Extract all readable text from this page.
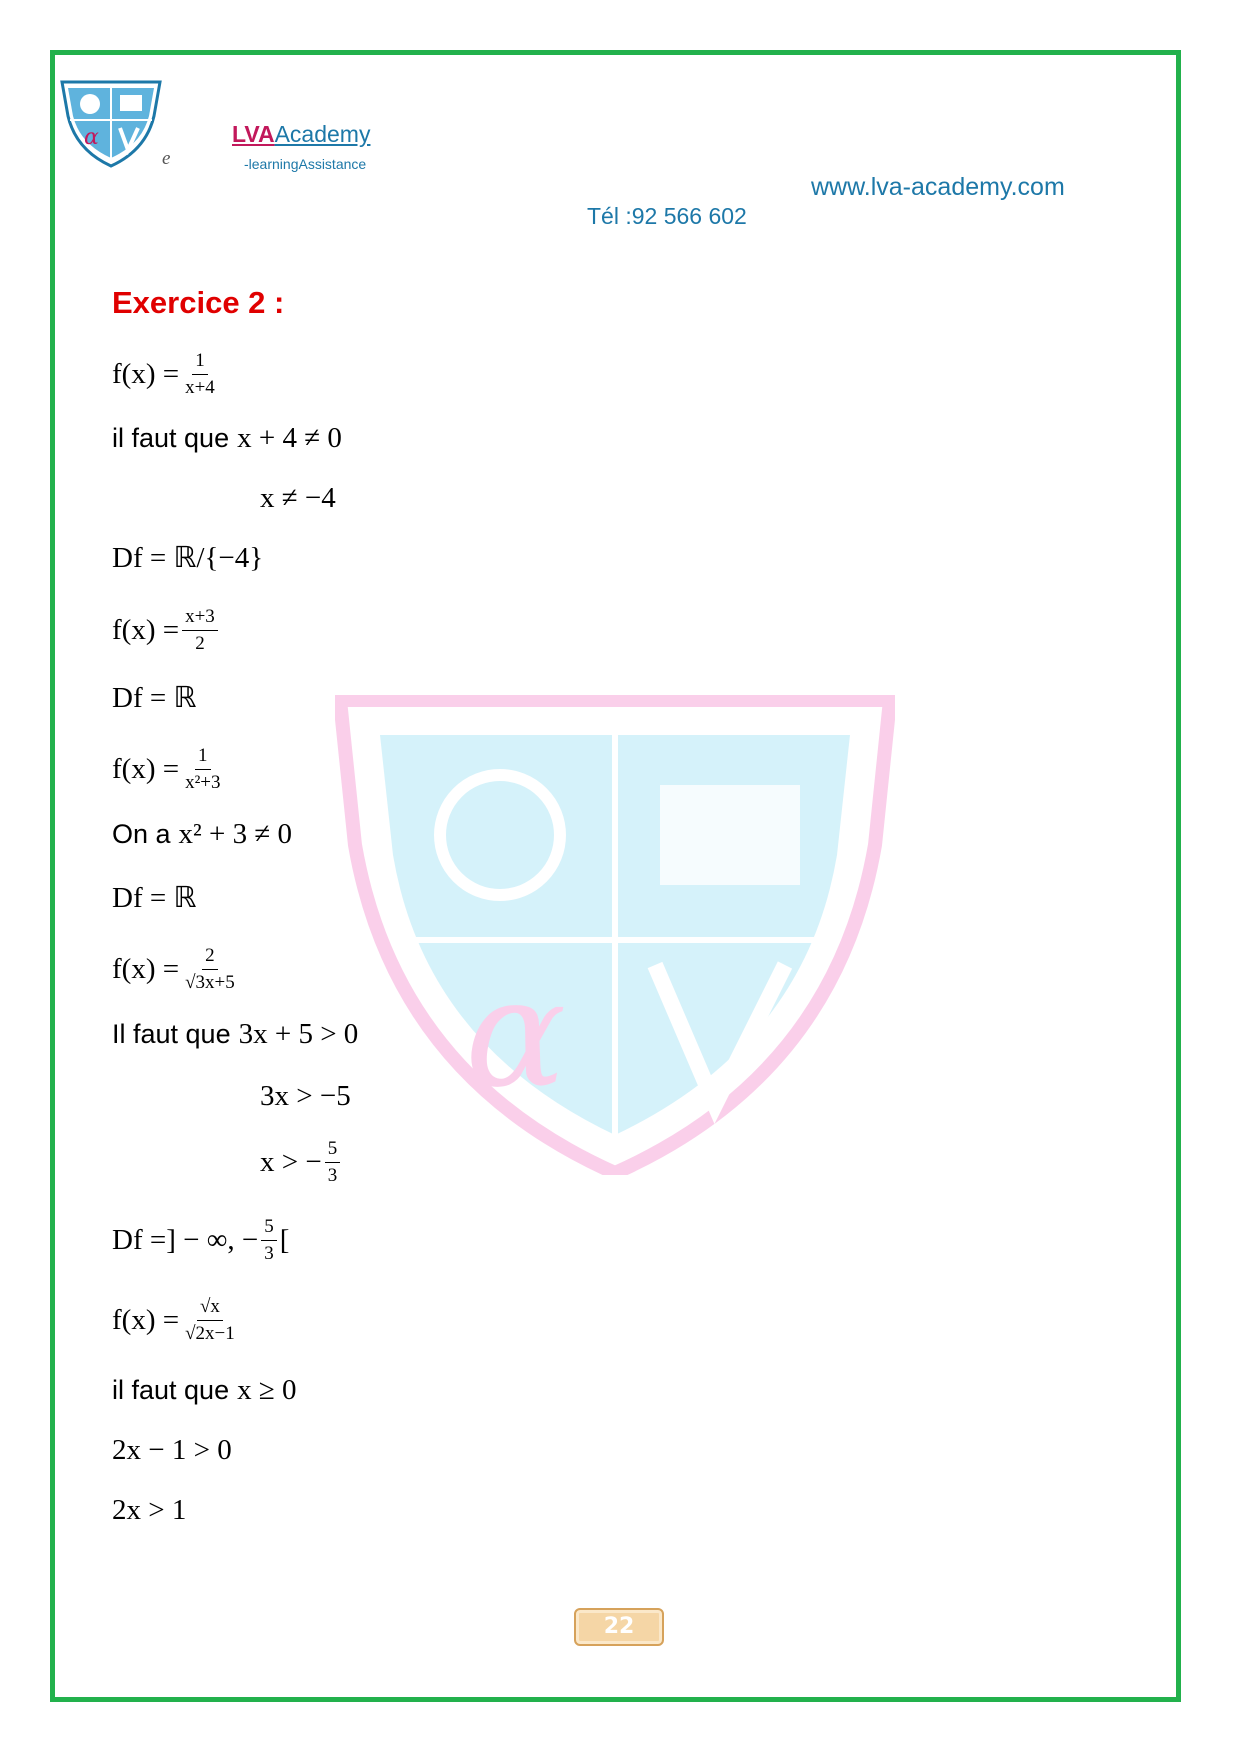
α
e
LVAAcademy
-learningAssistance
www.lva-academy.com
Tél :92 566 602
α
Exercice 2 :
$f(x) = \frac{1}{x+4}$
il faut que x + 4 ≠ 0
x ≠ −4
Df = ℝ/{−4}
$f(x) = \frac{x+3}{2}$
Df = ℝ
$f(x) = \frac{1}{\text{x²+3}}$
On a x² + 3 ≠ 0
Df = ℝ
$f(x) = \frac{2}{√3x+5}$
Il faut que 3x + 5 > 0
3x > −5
x > − $\frac{5}{3}$
Df =] − ∞, − $\frac{5}{3}$ [
$f(x) = \frac{√x}{√2x-1}$
il faut que x ≥ 0
2x − 1 > 0
2x > 1
22
